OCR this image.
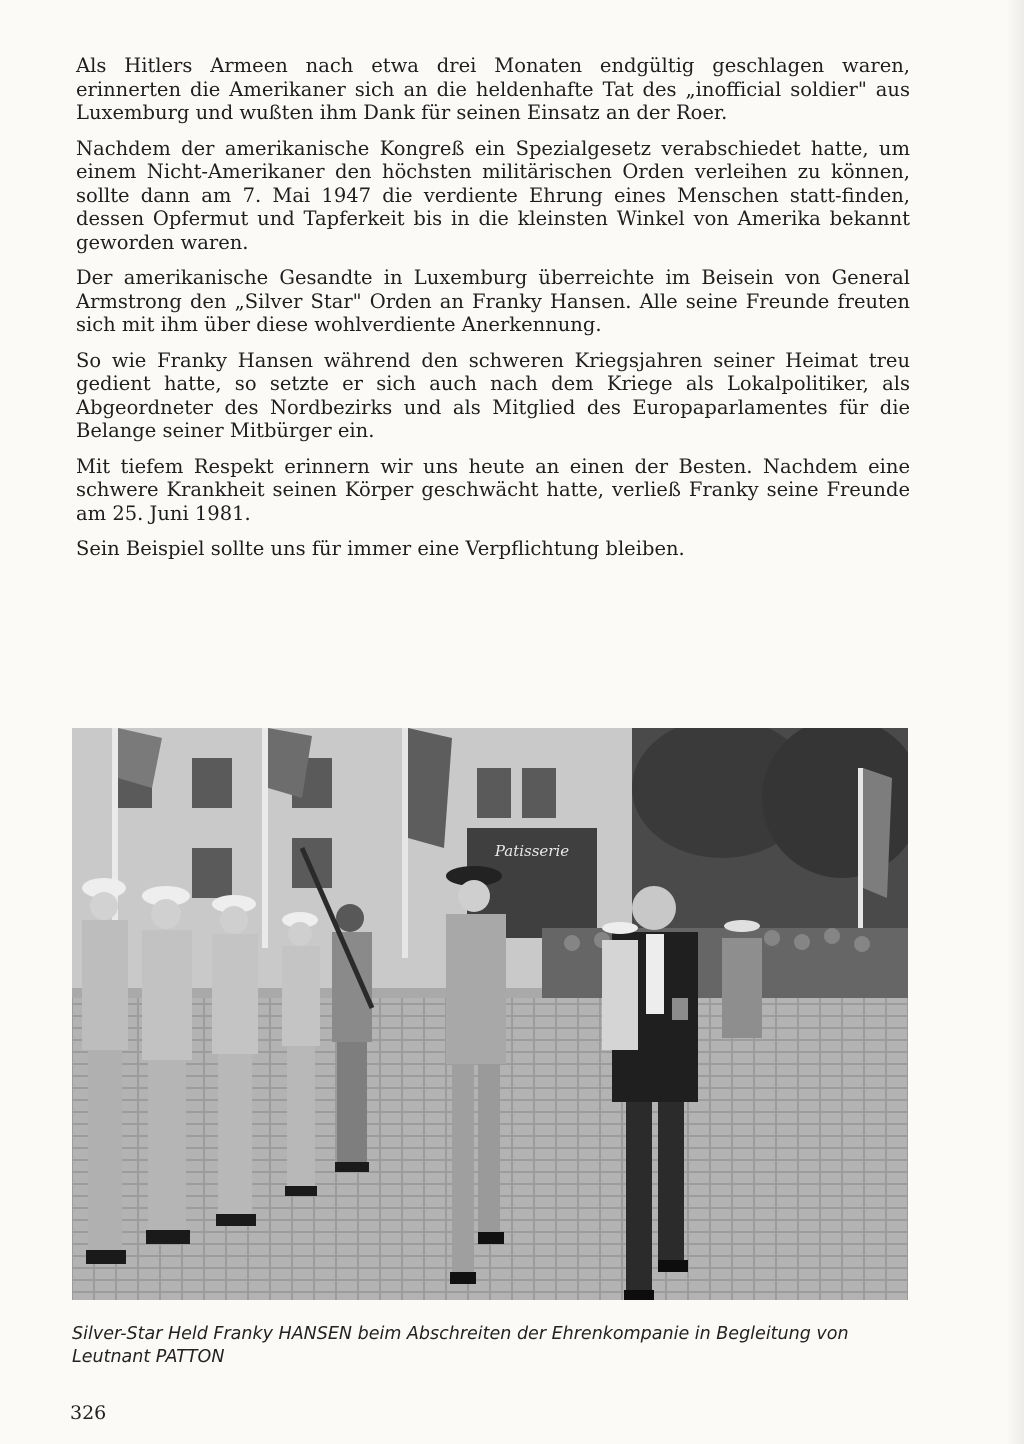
Als Hitlers Armeen nach etwa drei Monaten endgültig geschlagen waren, erinnerten die Amerikaner sich an die heldenhafte Tat des „inofficial soldier" aus Luxemburg und wußten ihm Dank für seinen Einsatz an der Roer.

Nachdem der amerikanische Kongreß ein Spezialgesetz verabschiedet hatte, um einem Nicht-Amerikaner den höchsten militärischen Orden verleihen zu können, sollte dann am 7. Mai 1947 die verdiente Ehrung eines Menschen statt-finden, dessen Opfermut und Tapferkeit bis in die kleinsten Winkel von Amerika bekannt geworden waren.

Der amerikanische Gesandte in Luxemburg überreichte im Beisein von General Armstrong den „Silver Star" Orden an Franky Hansen. Alle seine Freunde freuten sich mit ihm über diese wohlverdiente Anerkennung.

So wie Franky Hansen während den schweren Kriegsjahren seiner Heimat treu gedient hatte, so setzte er sich auch nach dem Kriege als Lokalpolitiker, als Abgeordneter des Nordbezirks und als Mitglied des Europaparlamentes für die Belange seiner Mitbürger ein.

Mit tiefem Respekt erinnern wir uns heute an einen der Besten. Nachdem eine schwere Krankheit seinen Körper geschwächt hatte, verließ Franky seine Freunde am 25. Juni 1981.

Sein Beispiel sollte uns für immer eine Verpflichtung bleiben.

Patisserie
Silver-Star Held Franky HANSEN beim Abschreiten der Ehrenkompanie in Begleitung von Leutnant PATTON
326
